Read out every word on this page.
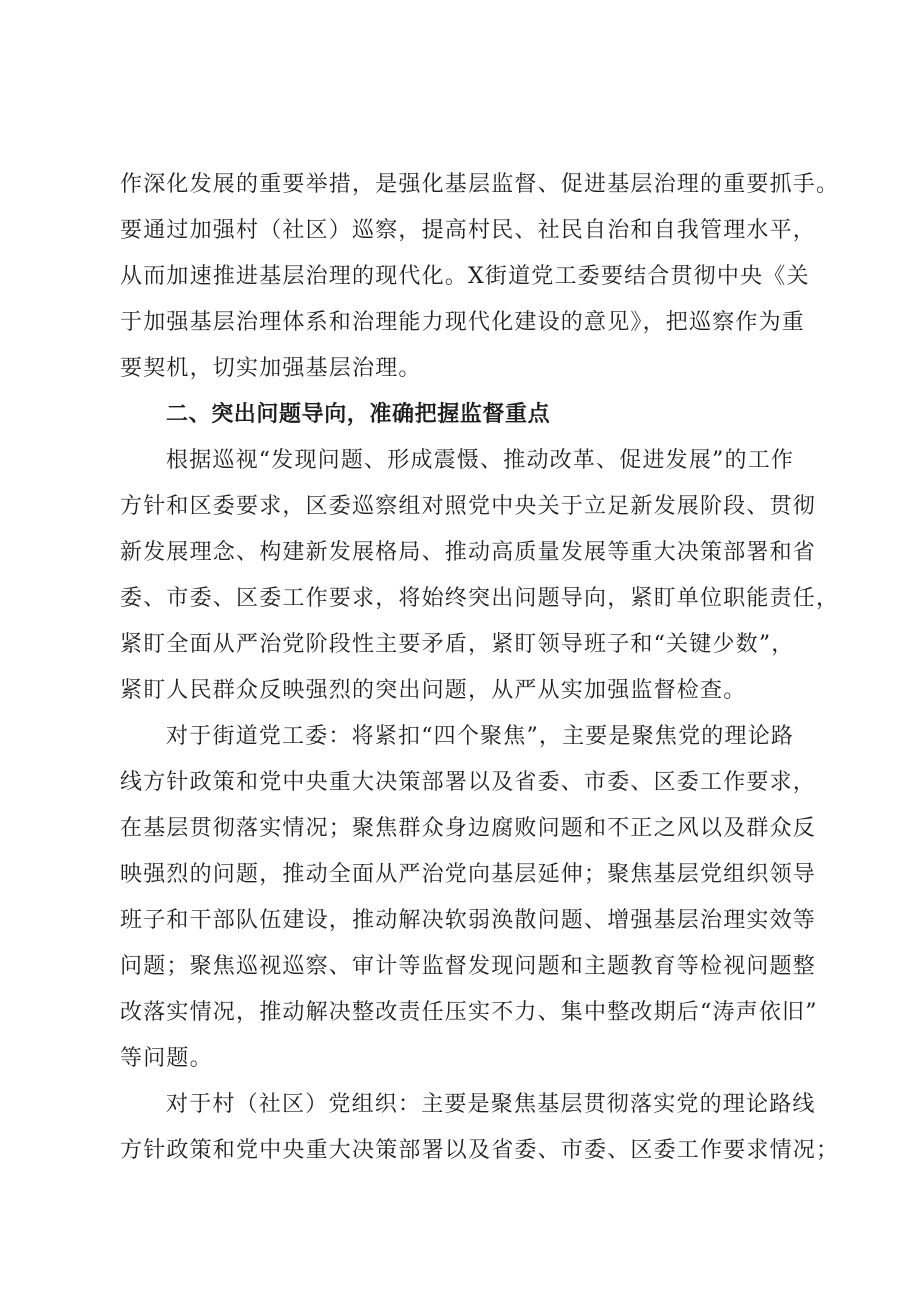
作深化发展的重要举措，是强化基层监督、促进基层治理的重要抓手。
要通过加强村（社区）巡察，提高村民、社民自治和自我管理水平，
从而加速推进基层治理的现代化。X街道党工委要结合贯彻中央《关
于加强基层治理体系和治理能力现代化建设的意见》，把巡察作为重
要契机，切实加强基层治理。
二、突出问题导向，准确把握监督重点
根据巡视“发现问题、形成震慑、推动改革、促进发展”的工作
方针和区委要求，区委巡察组对照党中央关于立足新发展阶段、贯彻
新发展理念、构建新发展格局、推动高质量发展等重大决策部署和省
委、市委、区委工作要求，将始终突出问题导向，紧盯单位职能责任，
紧盯全面从严治党阶段性主要矛盾，紧盯领导班子和“关键少数”，
紧盯人民群众反映强烈的突出问题，从严从实加强监督检查。
对于街道党工委：将紧扣“四个聚焦”，主要是聚焦党的理论路
线方针政策和党中央重大决策部署以及省委、市委、区委工作要求，
在基层贯彻落实情况；聚焦群众身边腐败问题和不正之风以及群众反
映强烈的问题，推动全面从严治党向基层延伸；聚焦基层党组织领导
班子和干部队伍建设，推动解决软弱涣散问题、增强基层治理实效等
问题；聚焦巡视巡察、审计等监督发现问题和主题教育等检视问题整
改落实情况，推动解决整改责任压实不力、集中整改期后“涛声依旧”
等问题。
对于村（社区）党组织：主要是聚焦基层贯彻落实党的理论路线
方针政策和党中央重大决策部署以及省委、市委、区委工作要求情况；
